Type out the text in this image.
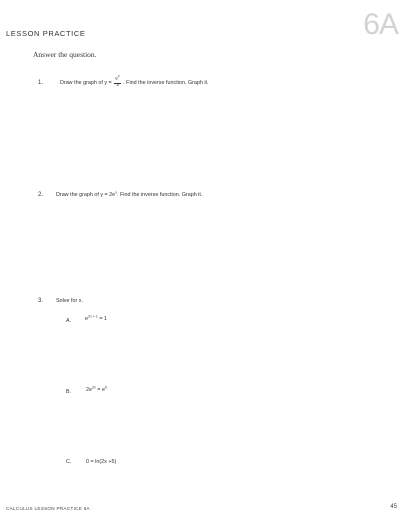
LESSON PRACTICE	6A
Answer the question.
1.	Draw the graph of $y = \frac{e^x}{3}$ . Find the inverse function. Graph it.
2. Draw the graph of $y = 2e^x$. Find the inverse function. Graph it.
3. Solve for x.
A.	$e^{2x + 1} = 1$
B.	$2e^{3x} = e^0$
C.	0 = ln(2x +5)
CALCULUS LESSON PRACTICE 6A	45
